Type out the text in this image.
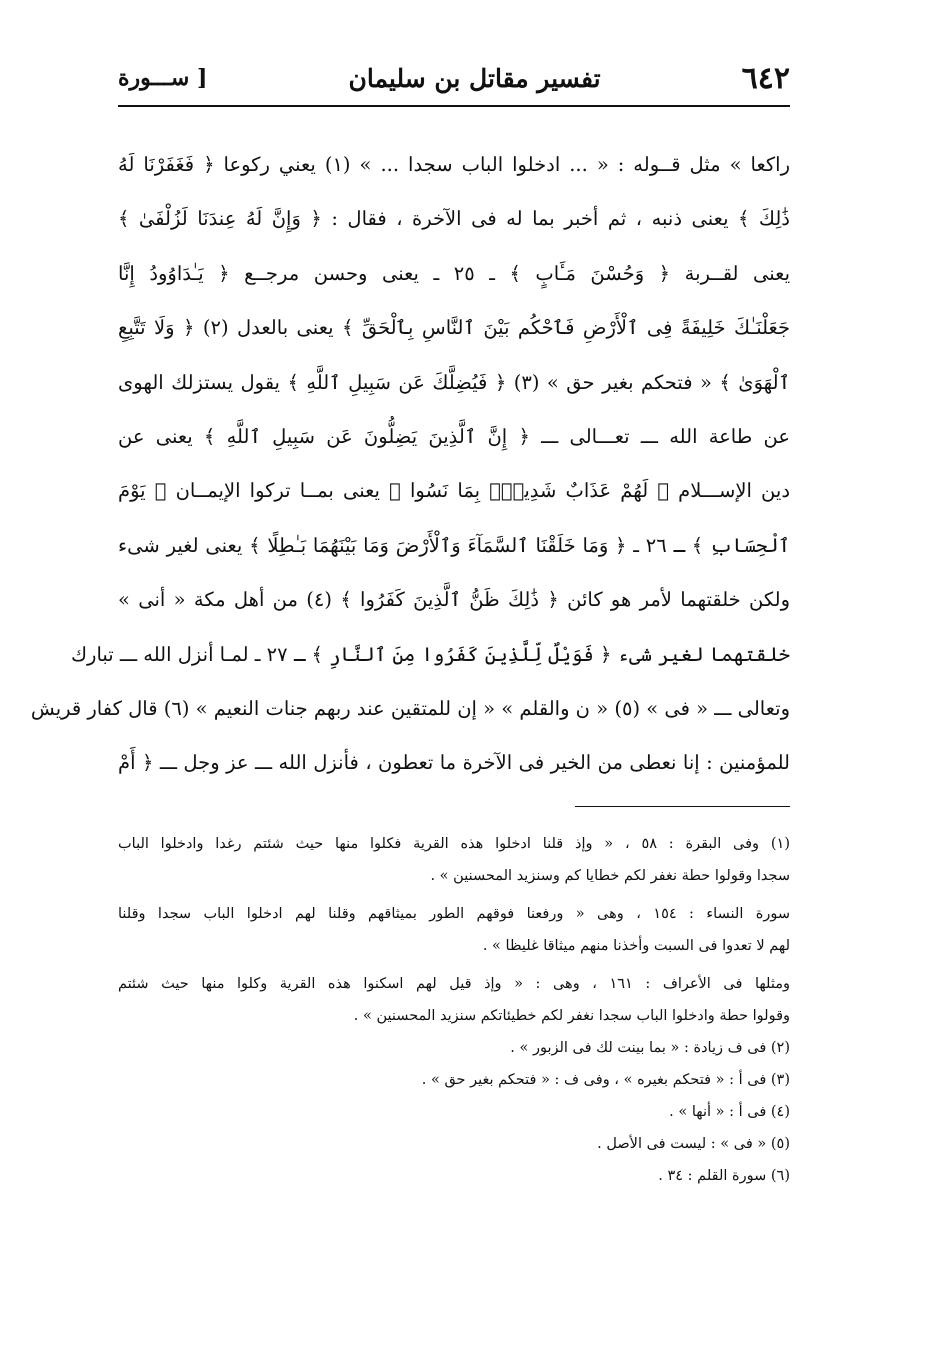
٦٤٢
تفسير مقاتل بن سليمان
[ ســـورة
راكعا » مثل قــوله : « ... ادخلوا الباب سجدا ... » (١) يعني ركوعا ﴿ فَغَفَرْنَا لَهُ
ذَٰلِكَ ﴾ يعنى ذنبه ، ثم أخبر بما له فى الآخرة ، فقال : ﴿ وَإِنَّ لَهُ عِندَنَا لَزُلْفَىٰ ﴾
يعنى لقــربة ﴿ وَحُسْنَ مَـَٔابٍ ﴾ ـ ٢٥ ـ يعنى وحسن مرجــع ﴿ يَـٰدَاوُودُ إِنَّا
جَعَلْنَـٰكَ خَلِيفَةً فِى ٱلْأَرْضِ فَٱحْكُم بَيْنَ ٱلنَّاسِ بِٱلْحَقِّ ﴾ يعنى بالعدل (٢) ﴿ وَلَا تَتَّبِعِ
ٱلْهَوَىٰ ﴾ « فتحكم بغير حق » (٣) ﴿ فَيُضِلَّكَ عَن سَبِيلِ ٱللَّهِ ﴾ يقول يستزلك الهوى
عن طاعة الله ـــ تعـــالى ـــ ﴿ إِنَّ ٱلَّذِينَ يَضِلُّونَ عَن سَبِيلِ ٱللَّهِ ﴾ يعنى عن
دين الإســـلام ﴿ لَهُمْ عَذَابٌ شَدِيدٌۢ بِمَا نَسُوا ﴾ يعنى بمــا تركوا الإيمــان ﴿ يَوْمَ
ٱلْحِسَابِ ﴾ ـ ٢٦ ـ ﴿ وَمَا خَلَقْنَا ٱلسَّمَآءَ وَٱلْأَرْضَ وَمَا بَيْنَهُمَا بَـٰطِلًا ﴾ يعنى لغير شىء
ولكن خلقتهما لأمر هو كائن ﴿ ذَٰلِكَ ظَنُّ ٱلَّذِينَ كَفَرُوا ﴾ (٤) من أهل مكة « أنى »
خلقتهما لغير شىء ﴿ فَوَيْلٌ لِّلَّذِينَ كَفَرُوا مِنَ ٱلنَّارِ ﴾ ـ ٢٧ ـ لمـا أنزل الله ـــ تبارك
وتعالى ـــ « فى » (٥) « ن والقلم » « إن للمتقين عند ربهم جنات النعيم » (٦) قال كفار قريش
للمؤمنين : إنا نعطى من الخير فى الآخرة ما تعطون ، فأنزل الله ـــ عز وجل ـــ ﴿ أَمْ
(١) وفى البقرة : ٥٨ ، « وإذ قلنا ادخلوا هذه القرية فكلوا منها حيث شئتم رغدا وادخلوا الباب
سجدا وقولوا حطة نغفر لكم خطايا كم وسنزيد المحسنين » .
سورة النساء : ١٥٤ ، وهى « ورفعنا فوقهم الطور بميثاقهم وقلنا لهم ادخلوا الباب سجدا وقلنا
لهم لا تعدوا فى السبت وأخذنا منهم ميثاقا غليظا » .
ومثلها فى الأعراف : ١٦١ ، وهى : « وإذ قيل لهم اسكنوا هذه القرية وكلوا منها حيث شئتم
وقولوا حطة وادخلوا الباب سجدا نغفر لكم خطيئاتكم سنزيد المحسنين » .
(٢) فى ف زيادة : « بما بينت لك فى الزبور » .
(٣) فى أ : « فتحكم بغيره » ، وفى ف : « فتحكم بغير حق » .
(٤) فى أ : « أنها » .
(٥) « فى » : ليست فى الأصل .
(٦) سورة القلم : ٣٤ .
